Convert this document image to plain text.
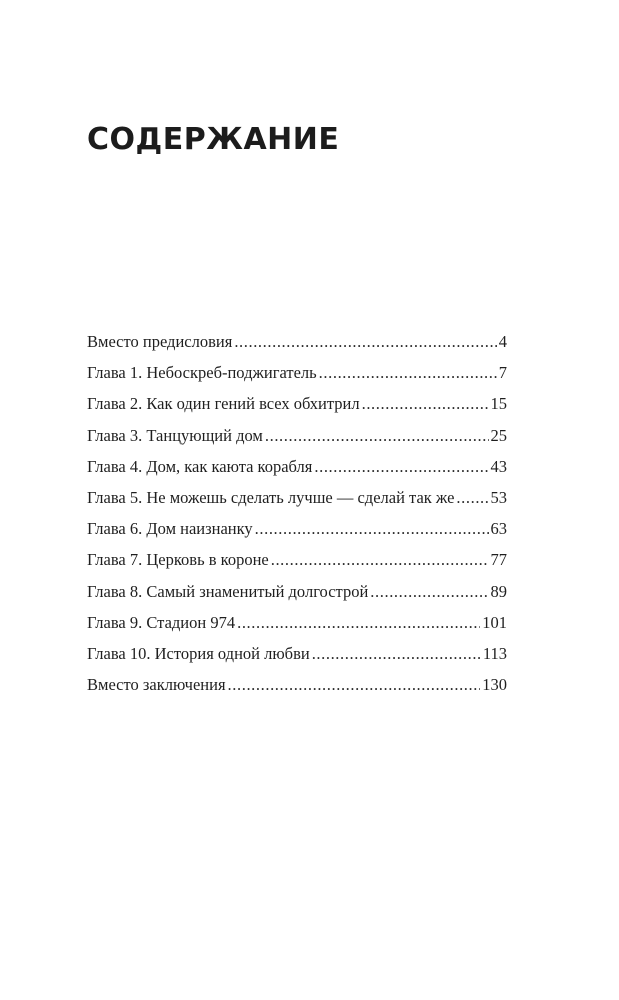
СОДЕРЖАНИЕ
Вместо предисловия .....	4
Глава 1. Небоскреб-поджигатель .....	7
Глава 2. Как один гений всех обхитрил .....	15
Глава 3. Танцующий дом .....	25
Глава 4. Дом, как каюта корабля .....	43
Глава 5. Не можешь сделать лучше — сделай так же ..... 53
Глава 6. Дом наизнанку .....	63
Глава 7. Церковь в короне .....	77
Глава 8. Самый знаменитый долгострой .....	89
Глава 9. Стадион 974 .....	101
Глава 10. История одной любви .....	113
Вместо заключения .....	130
